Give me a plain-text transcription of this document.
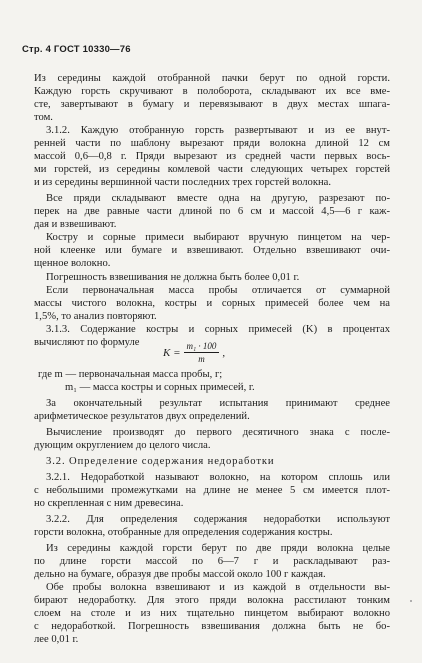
Стр. 4 ГОСТ 10330—76
Из середины каждой отобранной пачки берут по одной горсти.
Каждую горсть скручивают в полоборота, складывают их все вме-
сте, завертывают в бумагу и перевязывают в двух местах шпага-
том.
3.1.2. Каждую отобранную горсть развертывают и из ее внут-
ренней части по шаблону вырезают пряди волокна длиной 12 см
массой 0,6—0,8 г. Пряди вырезают из средней части первых вось-
ми горстей, из середины комлевой части следующих четырех горстей
и из середины вершинной части последних трех горстей волокна.
Все пряди складывают вместе одна на другую, разрезают по-
перек на две равные части длиной по 6 см и массой 4,5—6 г каж-
дая и взвешивают.
Костру и сорные примеси выбирают вручную пинцетом на чер-
ной клеенке или бумаге и взвешивают. Отдельно взвешивают очи-
щенное волокно.
Погрешность взвешивания не должна быть более 0,01 г.
Если первоначальная масса пробы отличается от суммарной
массы чистого волокна, костры и сорных примесей более чем на
1,5%, то анализ повторяют.
3.1.3. Содержание костры и сорных примесей (K) в процентах
вычисляют по формуле
$K = \frac{\text{m₁ · 100}}{m}$ ,
где m — первоначальная масса пробы, г;
m₁ — масса костры и сорных примесей, г.
За окончательный результат испытания принимают среднее
арифметическое результатов двух определений.
Вычисление производят до первого десятичного знака с после-
дующим округлением до целого числа.
3.2. Определение содержания недоработки
3.2.1. Недоработкой называют волокно, на котором сплошь или
с небольшими промежутками на длине не менее 5 см имеется плот-
но скрепленная с ним древесина.
3.2.2. Для определения содержания недоработки используют
горсти волокна, отобранные для определения содержания костры.
Из середины каждой горсти берут по две пряди волокна целые
по длине горсти массой по 6—7 г и раскладывают раз-
дельно на бумаге, образуя две пробы массой около 100 г каждая.
Обе пробы волокна взвешивают и из каждой в отдельности вы-
бирают недоработку. Для этого пряди волокна расстилают тонким
слоем на столе и из них тщательно пинцетом выбирают волокно
с недоработкой. Погрешность взвешивания должна быть не бо-
лее 0,01 г.
